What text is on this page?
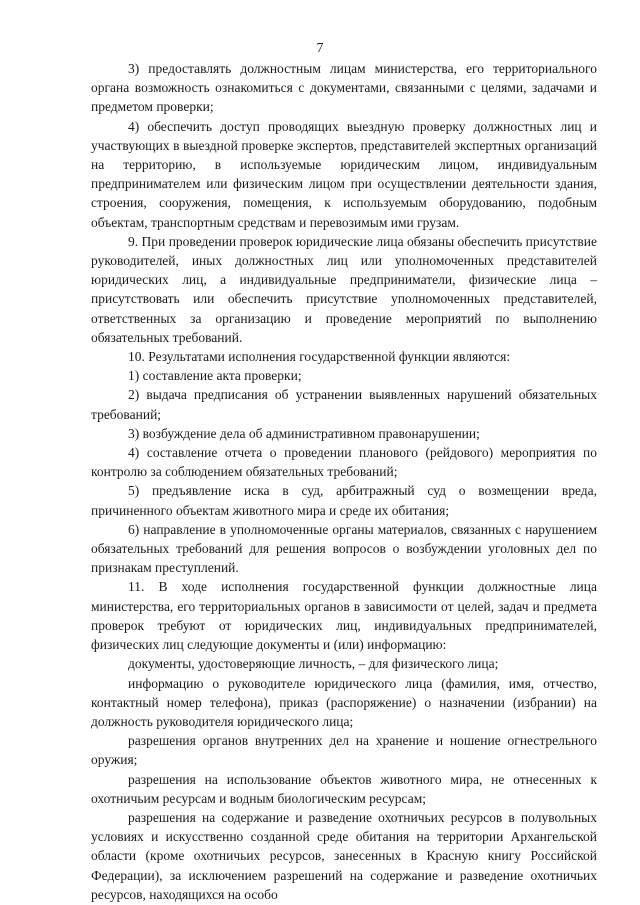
7

3) предоставлять должностным лицам министерства, его территориального органа возможность ознакомиться с документами, связанными с целями, задачами и предметом проверки;

4) обеспечить доступ проводящих выездную проверку должностных лиц и участвующих в выездной проверке экспертов, представителей экспертных организаций на территорию, в используемые юридическим лицом, индивидуальным предпринимателем или физическим лицом при осуществлении деятельности здания, строения, сооружения, помещения, к используемым оборудованию, подобным объектам, транспортным средствам и перевозимым ими грузам.

9. При проведении проверок юридические лица обязаны обеспечить присутствие руководителей, иных должностных лиц или уполномоченных представителей юридических лиц, а индивидуальные предприниматели, физические лица – присутствовать или обеспечить присутствие уполномоченных представителей, ответственных за организацию и проведение мероприятий по выполнению обязательных требований.

10. Результатами исполнения государственной функции являются:

1) составление акта проверки;

2) выдача предписания об устранении выявленных нарушений обязательных требований;

3) возбуждение дела об административном правонарушении;

4) составление отчета о проведении планового (рейдового) мероприятия по контролю за соблюдением обязательных требований;

5) предъявление иска в суд, арбитражный суд о возмещении вреда, причиненного объектам животного мира и среде их обитания;

6) направление в уполномоченные органы материалов, связанных с нарушением обязательных требований для решения вопросов о возбуждении уголовных дел по признакам преступлений.

11. В ходе исполнения государственной функции должностные лица министерства, его территориальных органов в зависимости от целей, задач и предмета проверок требуют от юридических лиц, индивидуальных предпринимателей, физических лиц следующие документы и (или) информацию:

документы, удостоверяющие личность, – для физического лица;

информацию о руководителе юридического лица (фамилия, имя, отчество, контактный номер телефона), приказ (распоряжение) о назначении (избрании) на должность руководителя юридического лица;

разрешения органов внутренних дел на хранение и ношение огнестрельного оружия;

разрешения на использование объектов животного мира, не отнесенных к охотничьим ресурсам и водным биологическим ресурсам;

разрешения на содержание и разведение охотничьих ресурсов в полувольных условиях и искусственно созданной среде обитания на территории Архангельской области (кроме охотничьих ресурсов, занесенных в Красную книгу Российской Федерации), за исключением разрешений на содержание и разведение охотничьих ресурсов, находящихся на особо
